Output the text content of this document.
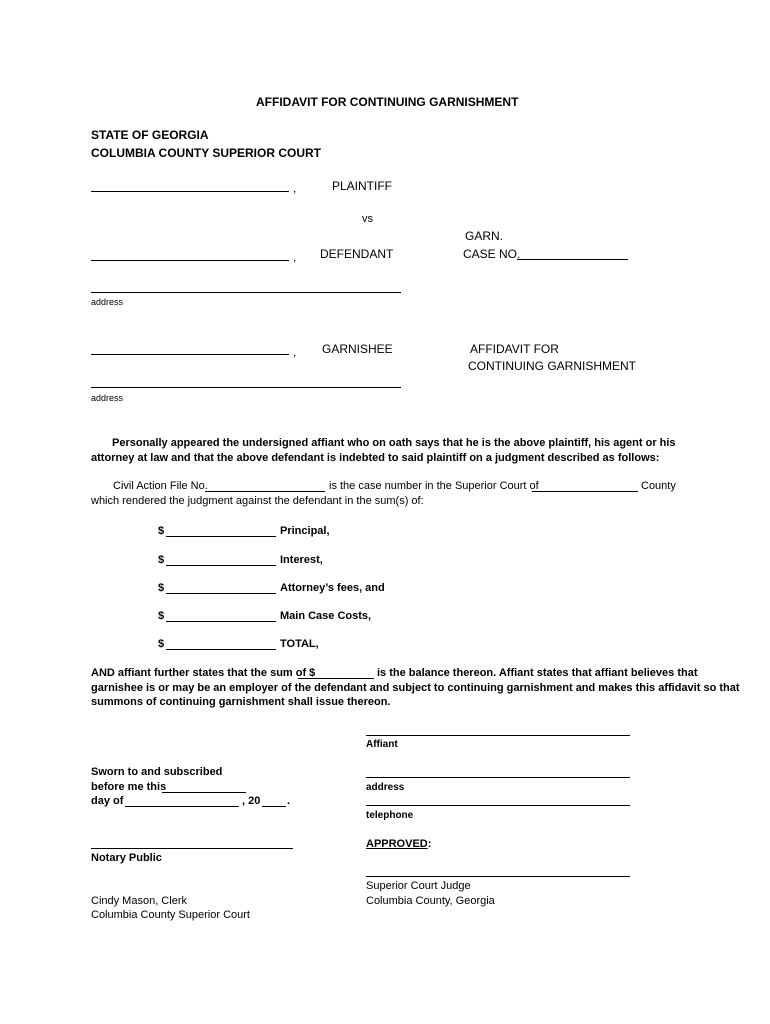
AFFIDAVIT FOR CONTINUING GARNISHMENT
STATE OF GEORGIA
COLUMBIA COUNTY SUPERIOR COURT
,	PLAINTIFF
vs
GARN.
CASE NO.
, DEFENDANT
address
, GARNISHEE	AFFIDAVIT FOR
CONTINUING GARNISHMENT
address
Personally appeared the undersigned affiant who on oath says that he is the above plaintiff, his agent or his attorney at law and that the above defendant is indebted to said plaintiff on a judgment described as follows:
Civil Action File No.	is the case number in the Superior Court of	County
which rendered the judgment against the defendant in the sum(s) of:
$	Principal,
$	Interest,
$	Attorney’s fees, and
$	Main Case Costs,
$	TOTAL,
AND affiant further states that the sum of $	is the balance thereon. Affiant states that affiant believes that
garnishee is or may be an employer of the defendant and subject to continuing garnishment and makes this affidavit so that
summons of continuing garnishment shall issue thereon.
Affiant
Sworn to and subscribed
before me this
day of	, 20 .
address
telephone
APPROVED:
Notary Public
Superior Court Judge
Columbia County, Georgia
Cindy Mason, Clerk
Columbia County Superior Court
